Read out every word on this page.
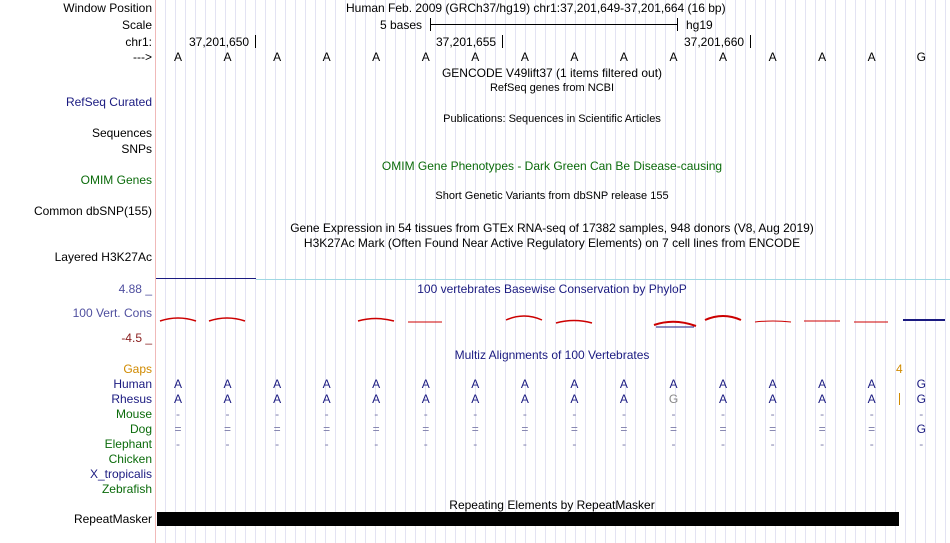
Window Position	Human Feb. 2009 (GRCh37/hg19) chr1:37,201,649-37,201,664 (16 bp)
Scale	5 bases	hg19
chr1:	37,201,650	37,201,655	37,201,660
---> A	A	A	A	A	A	A	A	A	A	A	A	A	A	A	G
GENCODE V49lift37 (1 items filtered out)
RefSeq genes from NCBI
RefSeq Curated
Publications: Sequences in Scientific Articles
Sequences
SNPs
OMIM Gene Phenotypes - Dark Green Can Be Disease-causing
OMIM Genes
Short Genetic Variants from dbSNP release 155
Common dbSNP(155)
Gene Expression in 54 tissues from GTEx RNA-seq of 17382 samples, 948 donors (V8, Aug 2019)
H3K27Ac Mark (Often Found Near Active Regulatory Elements) on 7 cell lines from ENCODE
Layered H3K27Ac
4.88 _	100 vertebrates Basewise Conservation by PhyloP
100 Vert. Cons
-4.5 _
Multiz Alignments of 100 Vertebrates
Gaps	4
Human A	A	A	A	A	A	A	A	A	A	A	A	A	A	A	G
Rhesus A	A	A	A	A	A	A	A	A	A	G	A	A	A	A	G
Mouse	-	-	-	-	-	-	-	-	-	-	-	-	-	-	-	-
Dog =	=	=	=	=	=	=	=	=	=	=	=	=	=	=	G
Elephant	-	-	-	-	-	-	-	-	-	-	-	-	-	-	-	-
Chicken
X_tropicalis
Zebrafish
Repeating Elements by RepeatMasker
RepeatMasker
